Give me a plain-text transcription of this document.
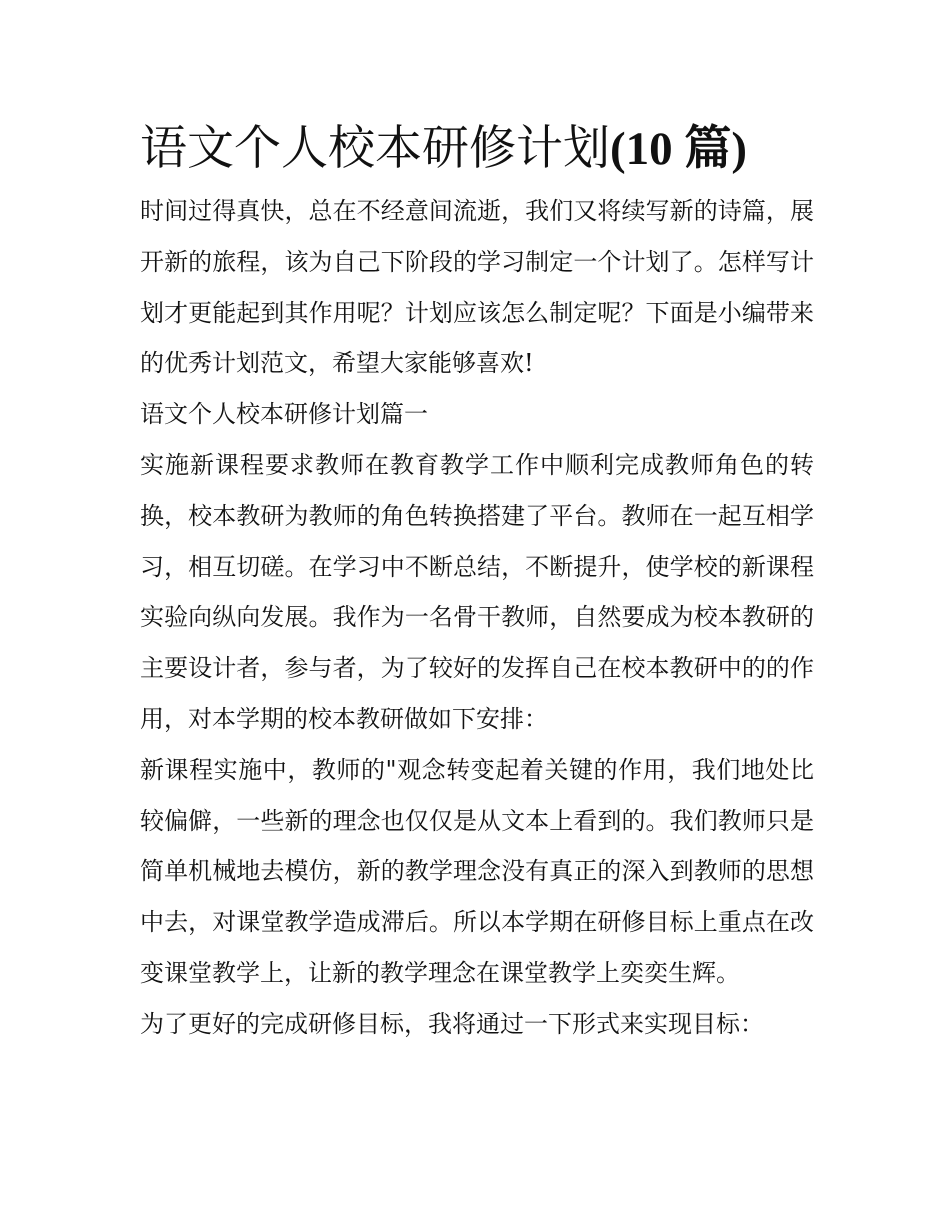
语文个人校本研修计划(10 篇)

时间过得真快，总在不经意间流逝，我们又将续写新的诗篇，展开新的旅程，该为自己下阶段的学习制定一个计划了。怎样写计划才更能起到其作用呢？计划应该怎么制定呢？下面是小编带来的优秀计划范文，希望大家能够喜欢!

语文个人校本研修计划篇一

实施新课程要求教师在教育教学工作中顺利完成教师角色的转换，校本教研为教师的角色转换搭建了平台。教师在一起互相学习，相互切磋。在学习中不断总结，不断提升，使学校的新课程实验向纵向发展。我作为一名骨干教师，自然要成为校本教研的主要设计者，参与者，为了较好的发挥自己在校本教研中的的作用，对本学期的校本教研做如下安排：

新课程实施中，教师的"观念转变起着关键的作用，我们地处比较偏僻，一些新的理念也仅仅是从文本上看到的。我们教师只是简单机械地去模仿，新的教学理念没有真正的深入到教师的思想中去，对课堂教学造成滞后。所以本学期在研修目标上重点在改变课堂教学上，让新的教学理念在课堂教学上奕奕生辉。

为了更好的完成研修目标，我将通过一下形式来实现目标：
